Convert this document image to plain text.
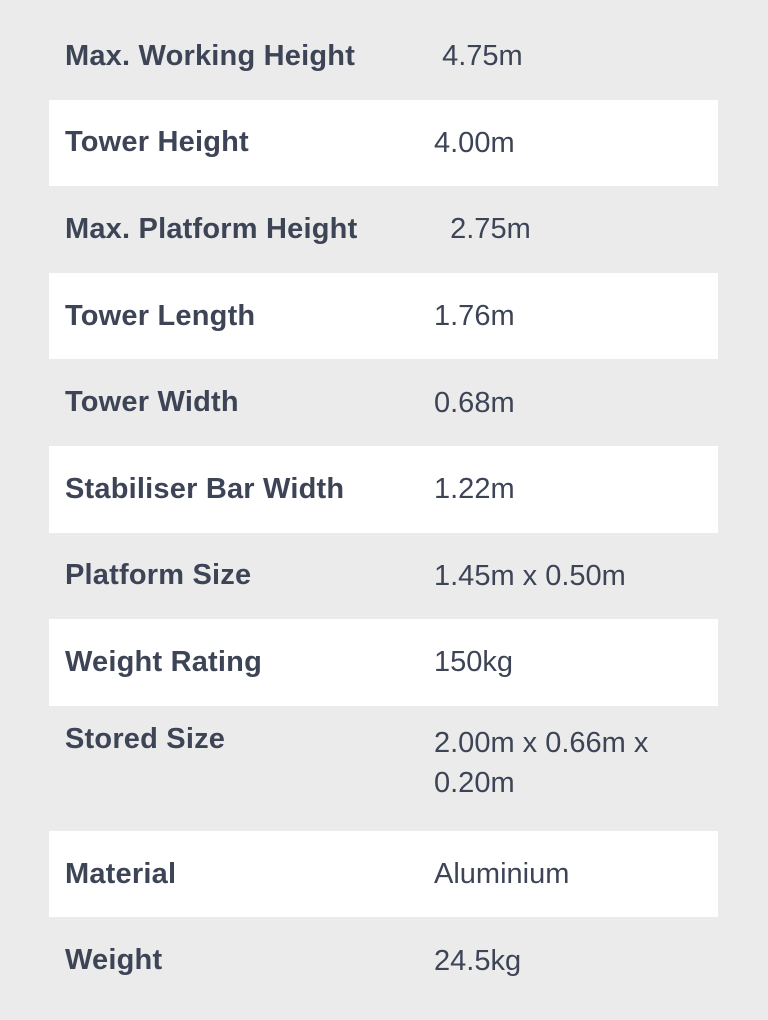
Max. Working Height	4.75m
Tower Height	4.00m
Max. Platform Height	2.75m
Tower Length	1.76m
Tower Width	0.68m
Stabiliser Bar Width	1.22m
Platform Size	1.45m x 0.50m
Weight Rating	150kg
Stored Size	2.00m x 0.66m x 0.20m
Material	Aluminium
Weight	24.5kg
